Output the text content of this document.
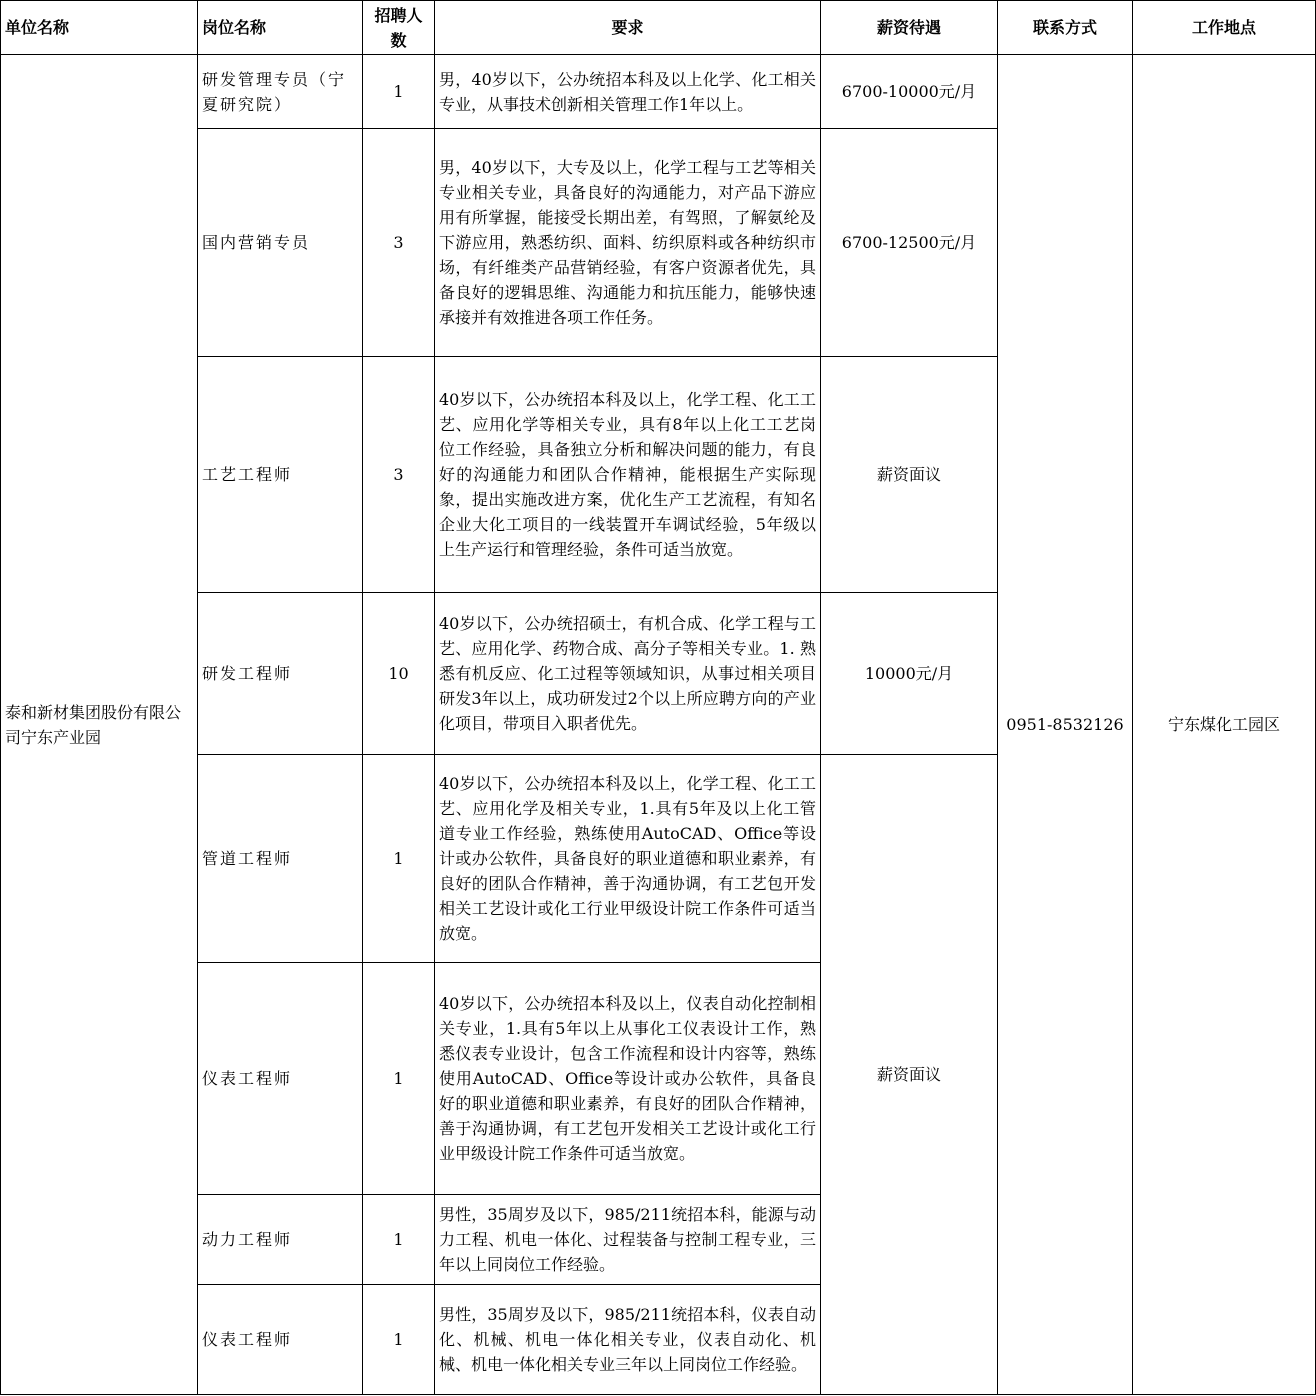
单位名称	岗位名称	招聘人数	要求	薪资待遇	联系方式	工作地点
泰和新材集团股份有限公司宁东产业园	研发管理专员（宁夏研究院）	1	男，40岁以下，公办统招本科及以上化学、化工相关专业，从事技术创新相关管理工作1年以上。	6700-10000元/月	0951-8532126	宁东煤化工园区
	国内营销专员	3	男，40岁以下，大专及以上，化学工程与工艺等相关专业相关专业，具备良好的沟通能力，对产品下游应用有所掌握，能接受长期出差，有驾照，了解氨纶及下游应用，熟悉纺织、面料、纺织原料或各种纺织市场，有纤维类产品营销经验，有客户资源者优先，具备良好的逻辑思维、沟通能力和抗压能力，能够快速承接并有效推进各项工作任务。	6700-12500元/月		
	工艺工程师	3	40岁以下，公办统招本科及以上，化学工程、化工工艺、应用化学等相关专业，具有8年以上化工工艺岗位工作经验，具备独立分析和解决问题的能力，有良好的沟通能力和团队合作精神，能根据生产实际现象，提出实施改进方案，优化生产工艺流程，有知名企业大化工项目的一线装置开车调试经验，5年级以上生产运行和管理经验，条件可适当放宽。	薪资面议		
	研发工程师	10	40岁以下，公办统招硕士，有机合成、化学工程与工艺、应用化学、药物合成、高分子等相关专业。1. 熟悉有机反应、化工过程等领域知识，从事过相关项目研发3年以上，成功研发过2个以上所应聘方向的产业化项目，带项目入职者优先。	10000元/月		
	管道工程师	1	40岁以下，公办统招本科及以上，化学工程、化工工艺、应用化学及相关专业，1.具有5年及以上化工管道专业工作经验，熟练使用AutoCAD、Office等设计或办公软件，具备良好的职业道德和职业素养，有良好的团队合作精神，善于沟通协调，有工艺包开发相关工艺设计或化工行业甲级设计院工作条件可适当放宽。	薪资面议		
	仪表工程师	1	40岁以下，公办统招本科及以上，仪表自动化控制相关专业，1.具有5年以上从事化工仪表设计工作，熟悉仪表专业设计，包含工作流程和设计内容等，熟练使用AutoCAD、Office等设计或办公软件，具备良好的职业道德和职业素养，有良好的团队合作精神，善于沟通协调，有工艺包开发相关工艺设计或化工行业甲级设计院工作条件可适当放宽。			
	动力工程师	1	男性，35周岁及以下，985/211统招本科，能源与动力工程、机电一体化、过程装备与控制工程专业，三年以上同岗位工作经验。			
	仪表工程师	1	男性，35周岁及以下，985/211统招本科，仪表自动化、机械、机电一体化相关专业，仪表自动化、机械、机电一体化相关专业三年以上同岗位工作经验。			
